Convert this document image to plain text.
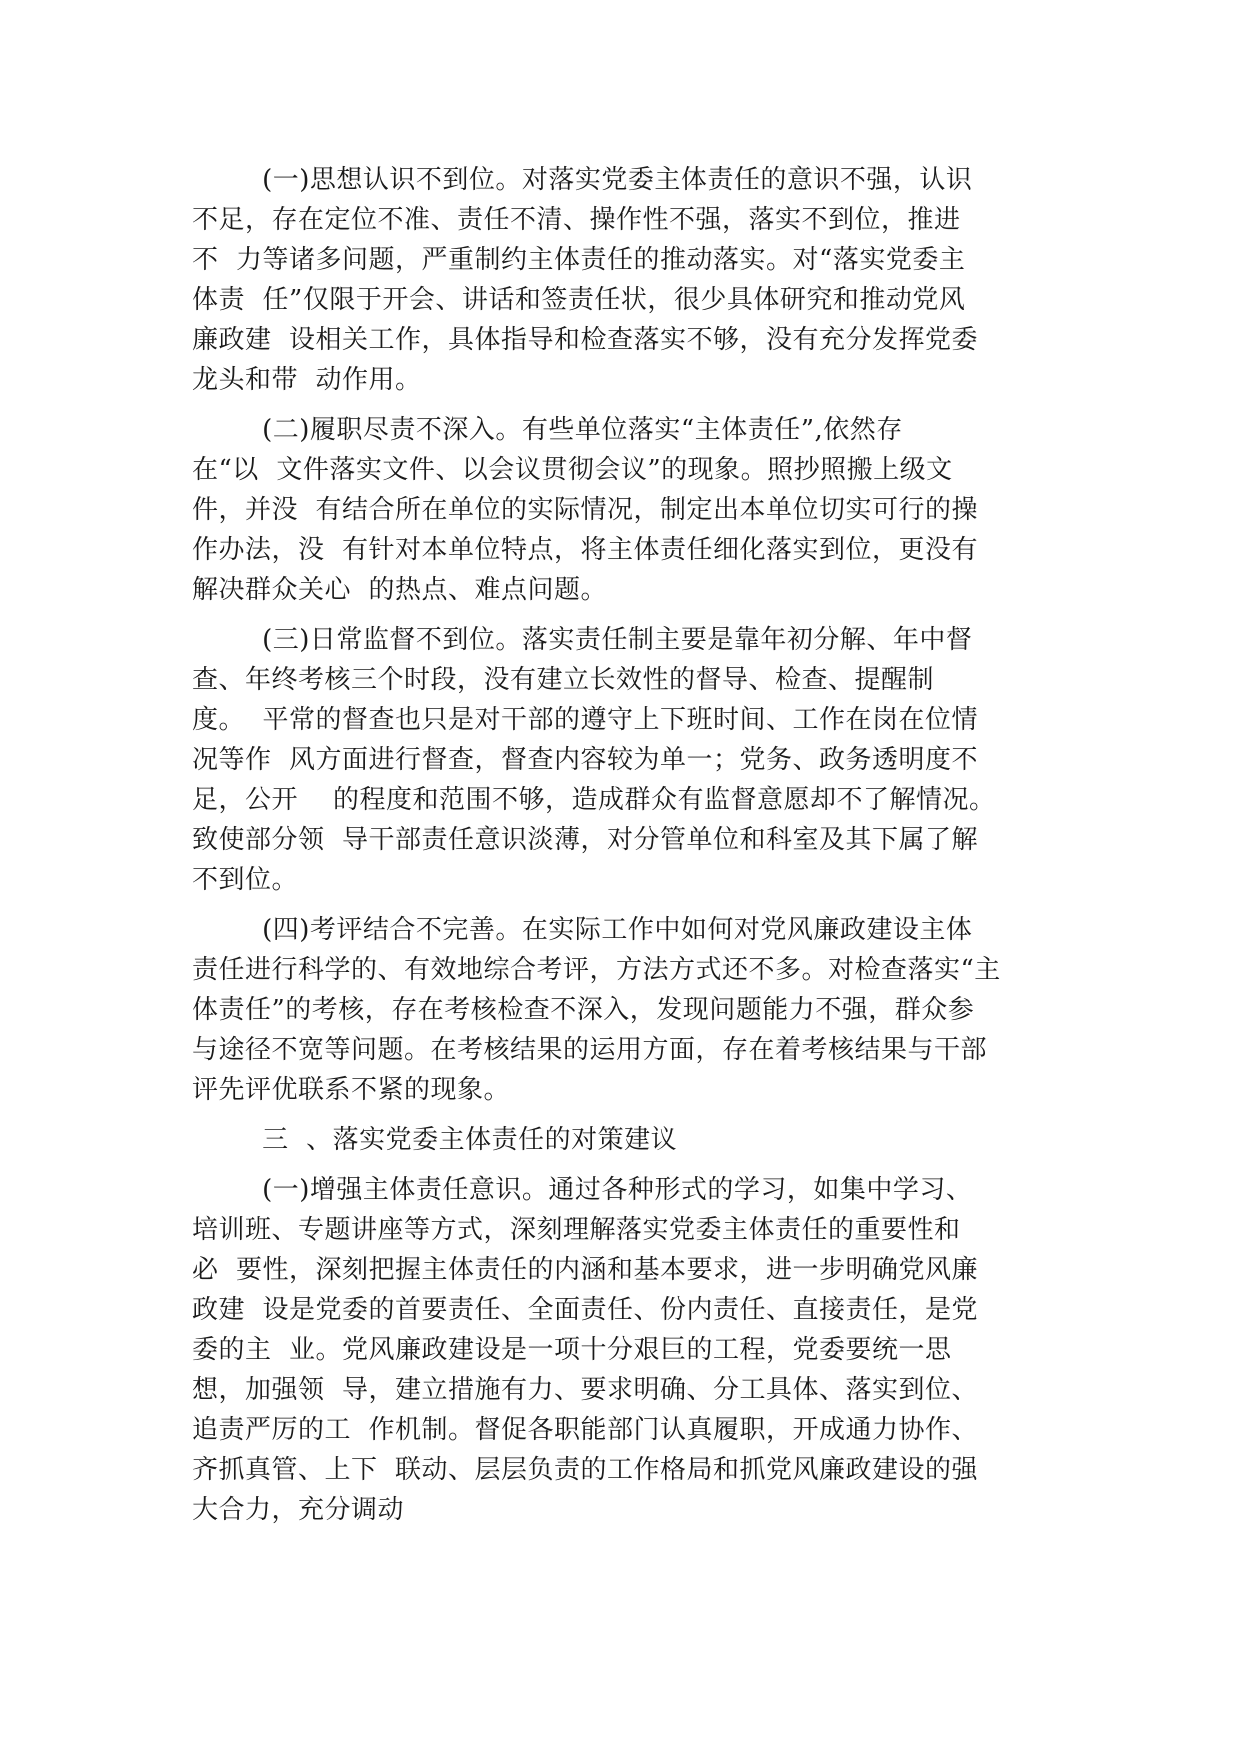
(一)思想认识不到位。对落实党委主体责任的意识不强，认识
不足，存在定位不准、责任不清、操作性不强，落实不到位，推进
不  力等诸多问题，严重制约主体责任的推动落实。对“落实党委主
体责  任”仅限于开会、讲话和签责任状，很少具体研究和推动党风
廉政建  设相关工作，具体指导和检查落实不够，没有充分发挥党委
龙头和带  动作用。
(二)履职尽责不深入。有些单位落实“主体责任”,依然存
在“以  文件落实文件、以会议贯彻会议”的现象。照抄照搬上级文
件，并没  有结合所在单位的实际情况，制定出本单位切实可行的操
作办法，没  有针对本单位特点，将主体责任细化落实到位，更没有
解决群众关心  的热点、难点问题。
(三)日常监督不到位。落实责任制主要是靠年初分解、年中督
查、年终考核三个时段，没有建立长效性的督导、检查、提醒制
度。  平常的督查也只是对干部的遵守上下班时间、工作在岗在位情
况等作  风方面进行督查，督查内容较为单一；党务、政务透明度不
足，公开    的程度和范围不够，造成群众有监督意愿却不了解情况。
致使部分领  导干部责任意识淡薄，对分管单位和科室及其下属了解
不到位。
(四)考评结合不完善。在实际工作中如何对党风廉政建设主体
责任进行科学的、有效地综合考评，方法方式还不多。对检查落实“主
体责任”的考核，存在考核检查不深入，发现问题能力不强，群众参
与途径不宽等问题。在考核结果的运用方面，存在着考核结果与干部
评先评优联系不紧的现象。
三  、落实党委主体责任的对策建议
(一)增强主体责任意识。通过各种形式的学习，如集中学习、
培训班、专题讲座等方式，深刻理解落实党委主体责任的重要性和
必  要性，深刻把握主体责任的内涵和基本要求，进一步明确党风廉
政建  设是党委的首要责任、全面责任、份内责任、直接责任，是党
委的主  业。党风廉政建设是一项十分艰巨的工程，党委要统一思
想，加强领  导，建立措施有力、要求明确、分工具体、落实到位、
追责严厉的工  作机制。督促各职能部门认真履职，开成通力协作、
齐抓真管、上下  联动、层层负责的工作格局和抓党风廉政建设的强
大合力，充分调动
